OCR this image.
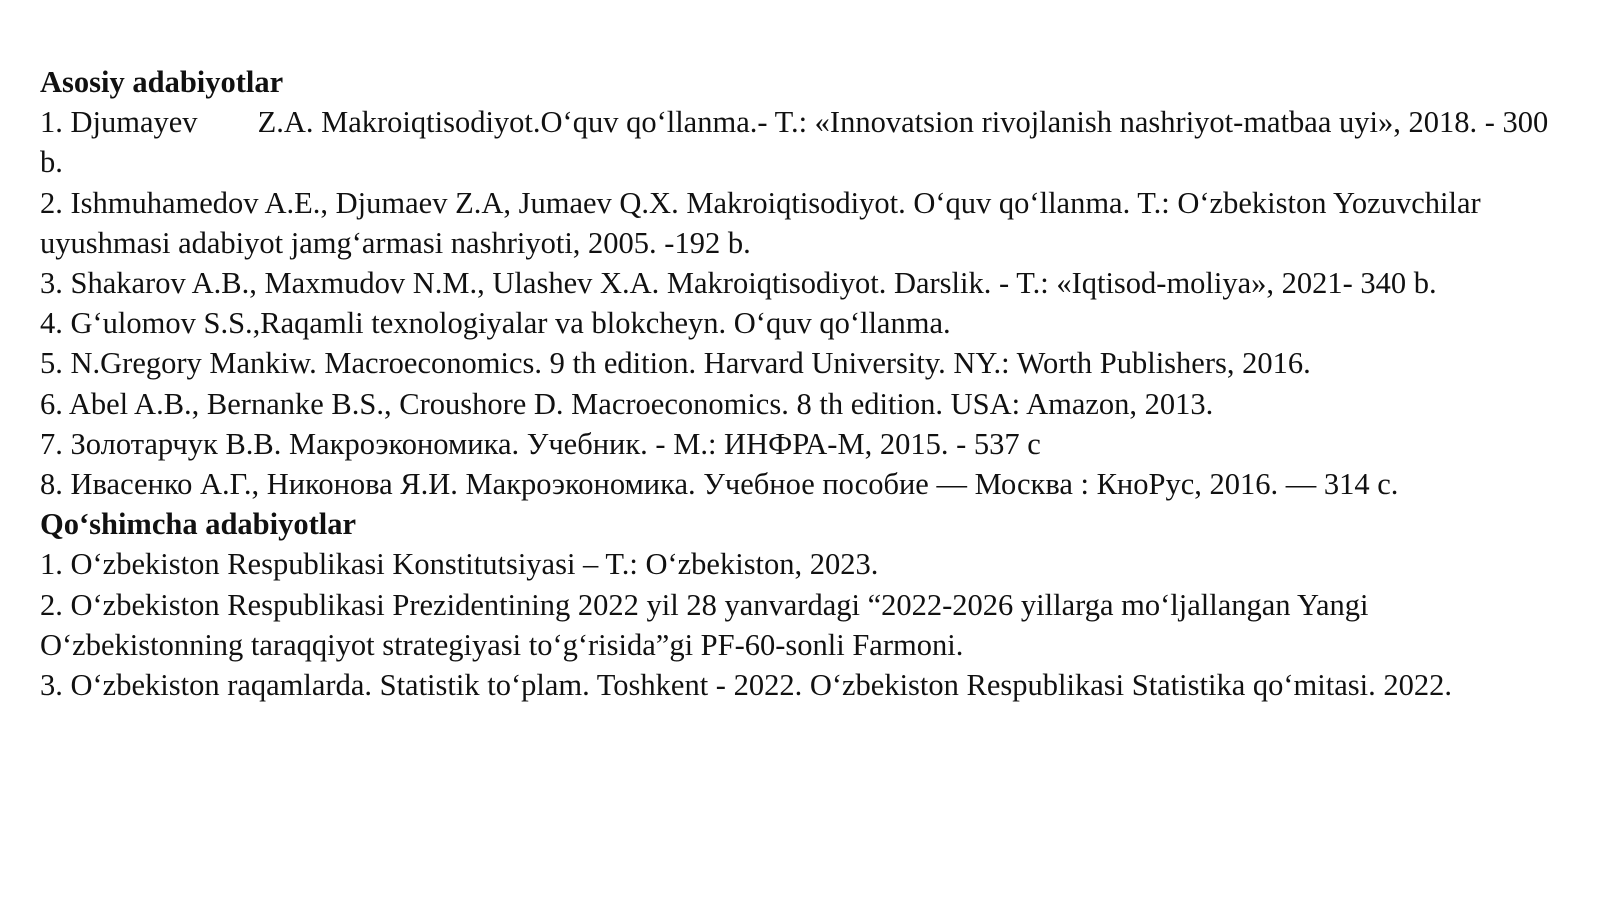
Asosiy adabiyotlar
1. Djumayev Z.A. Makroiqtisodiyot.O‘quv qo‘llanma.- T.: «Innovatsion rivojlanish nashriyot-matbaa uyi», 2018. - 300 b.
2. Ishmuhamedov A.E., Djumaev Z.A, Jumaev Q.X. Makroiqtisodiyot. O‘quv qo‘llanma. T.: O‘zbekiston Yozuvchilar uyushmasi adabiyot jamg‘armasi nashriyoti, 2005. -192 b.
3. Shakarov A.B., Maxmudov N.M., Ulashev X.A. Makroiqtisodiyot. Darslik. - T.: «Iqtisod-moliya», 2021- 340 b.
4. G‘ulomov S.S.,Raqamli texnologiyalar va blokcheyn. O‘quv qo‘llanma.
5. N.Gregory Mankiw. Macroeconomics. 9 th edition. Harvard University. NY.: Worth Publishers, 2016.
6. Abel A.B., Bernanke B.S., Croushore D. Macroeconomics. 8 th edition. USA: Amazon, 2013.
7. Золотарчук В.В. Макроэкономика. Учебник. - М.: ИНФРА-М, 2015. - 537 с
8. Ивасенко А.Г., Никонова Я.И. Макроэкономика. Учебное пособие — Москва : КноРус, 2016. — 314 с.
Qo‘shimcha adabiyotlar
1. O‘zbekiston Respublikasi Konstitutsiyasi – T.: O‘zbekiston, 2023.
2. O‘zbekiston Respublikasi Prezidentining 2022 yil 28 yanvardagi “2022-2026 yillarga mo‘ljallangan Yangi O‘zbekistonning taraqqiyot strategiyasi to‘g‘risida”gi PF-60-sonli Farmoni.
3. O‘zbekiston raqamlarda. Statistik to‘plam. Toshkent - 2022. O‘zbekiston Respublikasi Statistika qo‘mitasi. 2022.
